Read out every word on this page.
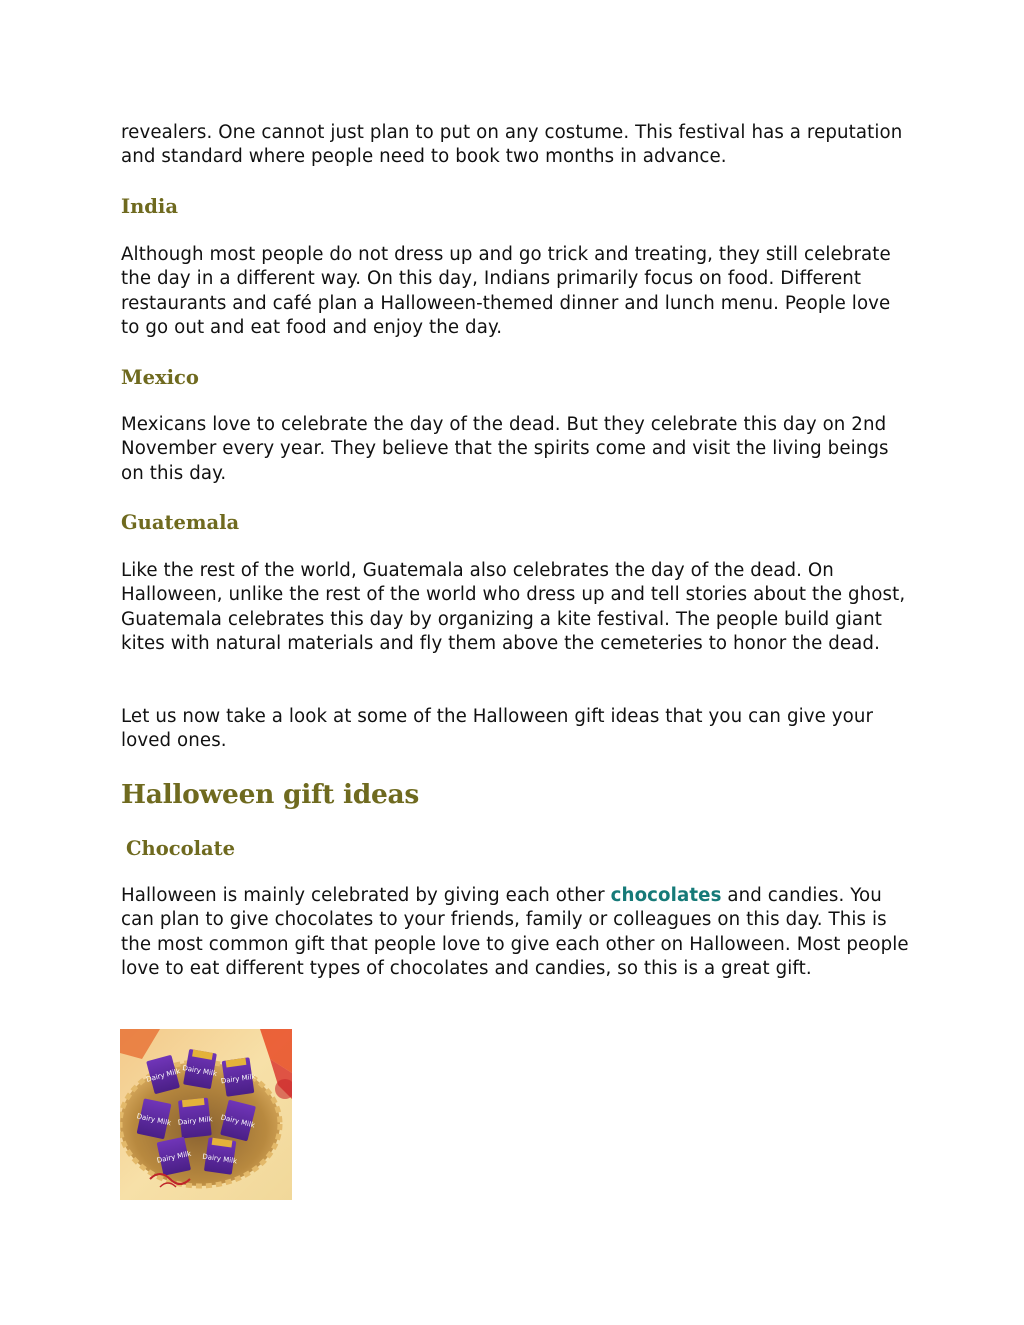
revealers. One cannot just plan to put on any costume. This festival has a reputation and standard where people need to book two months in advance.

India

Although most people do not dress up and go trick and treating, they still celebrate the day in a different way. On this day, Indians primarily focus on food. Different restaurants and café plan a Halloween-themed dinner and lunch menu. People love to go out and eat food and enjoy the day.

Mexico

Mexicans love to celebrate the day of the dead. But they celebrate this day on 2nd November every year. They believe that the spirits come and visit the living beings on this day.

Guatemala

Like the rest of the world, Guatemala also celebrates the day of the dead. On Halloween, unlike the rest of the world who dress up and tell stories about the ghost, Guatemala celebrates this day by organizing a kite festival. The people build giant kites with natural materials and fly them above the cemeteries to honor the dead.

Let us now take a look at some of the Halloween gift ideas that you can give your loved ones.

Halloween gift ideas
Chocolate

Halloween is mainly celebrated by giving each other chocolates and candies. You can plan to give chocolates to your friends, family or colleagues on this day. This is the most common gift that people love to give each other on Halloween. Most people love to eat different types of chocolates and candies, so this is a great gift.

Dairy Milk Dairy Milk
Dairy Milk
Dairy Milk Dairy Milk Dairy Milk
Dairy Milk Dairy Milk
